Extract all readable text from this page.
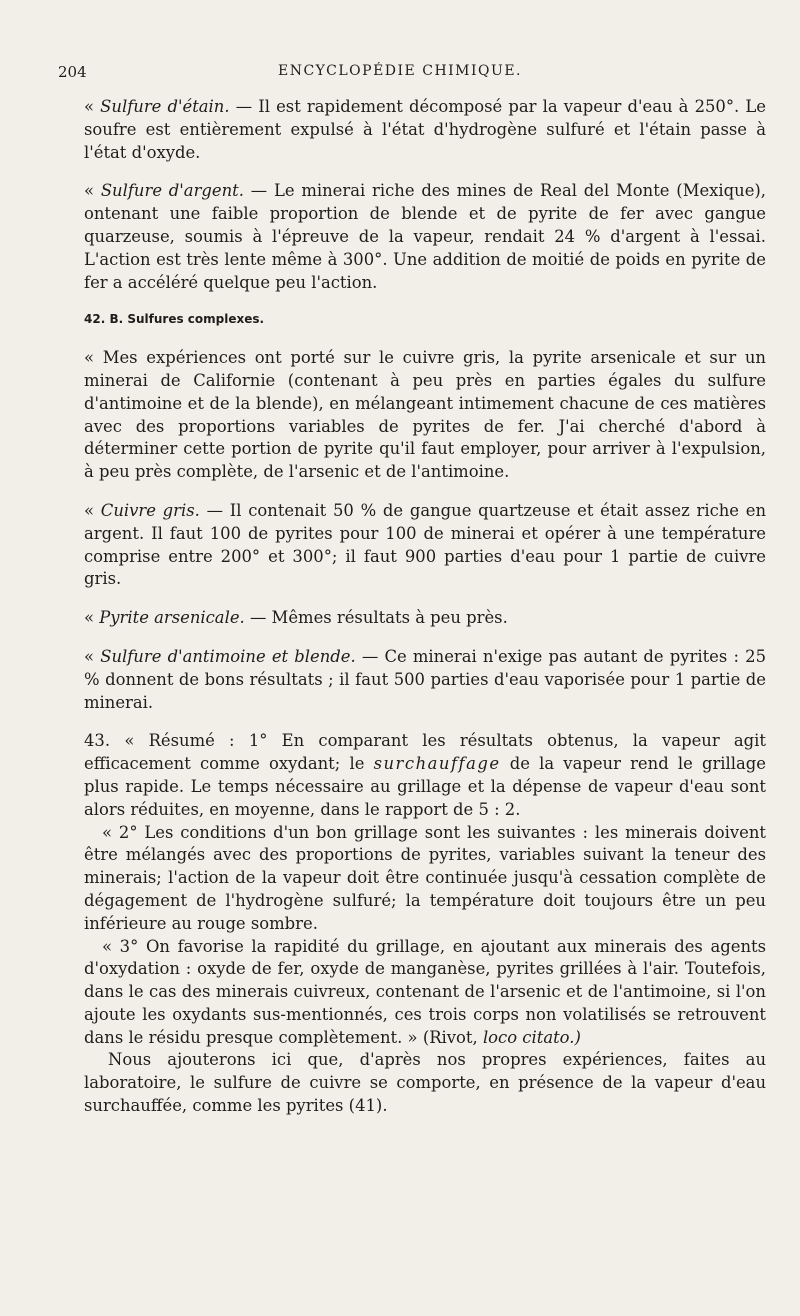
204	ENCYCLOPÉDIE CHIMIQUE.

« Sulfure d'étain. — Il est rapidement décomposé par la vapeur d'eau à 250°. Le soufre est entièrement expulsé à l'état d'hydrogène sulfuré et l'étain passe à l'état d'oxyde.

« Sulfure d'argent. — Le minerai riche des mines de Real del Monte (Mexique), ontenant une faible proportion de blende et de pyrite de fer avec gangue quarzeuse, soumis à l'épreuve de la vapeur, rendait 24 % d'argent à l'essai. L'action est très lente même à 300°. Une addition de moitié de poids en pyrite de fer a accéléré quelque peu l'action.

42. B. Sulfures complexes.

« Mes expériences ont porté sur le cuivre gris, la pyrite arsenicale et sur un minerai de Californie (contenant à peu près en parties égales du sulfure d'antimoine et de la blende), en mélangeant intimement chacune de ces matières avec des proportions variables de pyrites de fer. J'ai cherché d'abord à déterminer cette portion de pyrite qu'il faut employer, pour arriver à l'expulsion, à peu près complète, de l'arsenic et de l'antimoine.

« Cuivre gris. — Il contenait 50 % de gangue quartzeuse et était assez riche en argent. Il faut 100 de pyrites pour 100 de minerai et opérer à une température comprise entre 200° et 300°; il faut 900 parties d'eau pour 1 partie de cuivre gris.

« Pyrite arsenicale. — Mêmes résultats à peu près.

« Sulfure d'antimoine et blende. — Ce minerai n'exige pas autant de pyrites : 25 % donnent de bons résultats ; il faut 500 parties d'eau vaporisée pour 1 partie de minerai.

43. « Résumé : 1° En comparant les résultats obtenus, la vapeur agit efficacement comme oxydant; le surchauffage de la vapeur rend le grillage plus rapide. Le temps nécessaire au grillage et la dépense de vapeur d'eau sont alors réduites, en moyenne, dans le rapport de 5 : 2.

« 2° Les conditions d'un bon grillage sont les suivantes : les minerais doivent être mélangés avec des proportions de pyrites, variables suivant la teneur des minerais; l'action de la vapeur doit être continuée jusqu'à cessation complète de dégagement de l'hydrogène sulfuré; la température doit toujours être un peu inférieure au rouge sombre.

« 3° On favorise la rapidité du grillage, en ajoutant aux minerais des agents d'oxydation : oxyde de fer, oxyde de manganèse, pyrites grillées à l'air. Toutefois, dans le cas des minerais cuivreux, contenant de l'arsenic et de l'antimoine, si l'on ajoute les oxydants sus-mentionnés, ces trois corps non volatilisés se retrouvent dans le résidu presque complètement. » (Rivot, loco citato.)

Nous ajouterons ici que, d'après nos propres expériences, faites au laboratoire, le sulfure de cuivre se comporte, en présence de la vapeur d'eau surchauffée, comme les pyrites (41).
